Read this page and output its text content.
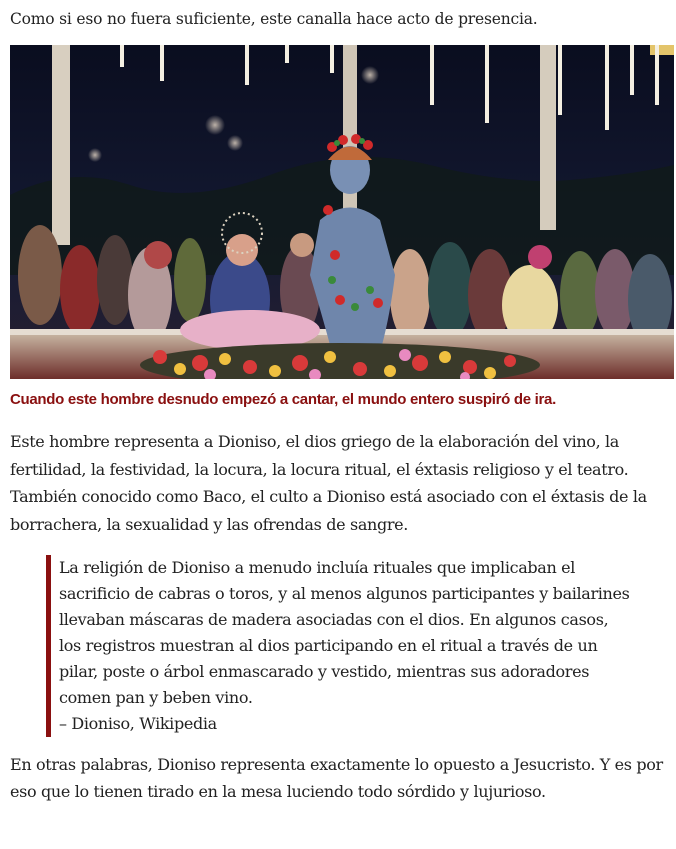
Como si eso no fuera suficiente, este canalla hace acto de presencia.

Cuando este hombre desnudo empezó a cantar, el mundo entero suspiró de ira.

Este hombre representa a Dioniso, el dios griego de la elaboración del vino, la fertilidad, la festividad, la locura, la locura ritual, el éxtasis religioso y el teatro. También conocido como Baco, el culto a Dioniso está asociado con el éxtasis de la borrachera, la sexualidad y las ofrendas de sangre.

La religión de Dioniso a menudo incluía rituales que implicaban el sacrificio de cabras o toros, y al menos algunos participantes y bailarines llevaban máscaras de madera asociadas con el dios. En algunos casos, los registros muestran al dios participando en el ritual a través de un pilar, poste o árbol enmascarado y vestido, mientras sus adoradores comen pan y beben vino.

– Dioniso, Wikipedia

En otras palabras, Dioniso representa exactamente lo opuesto a Jesucristo. Y es por eso que lo tienen tirado en la mesa luciendo todo sórdido y lujurioso.
